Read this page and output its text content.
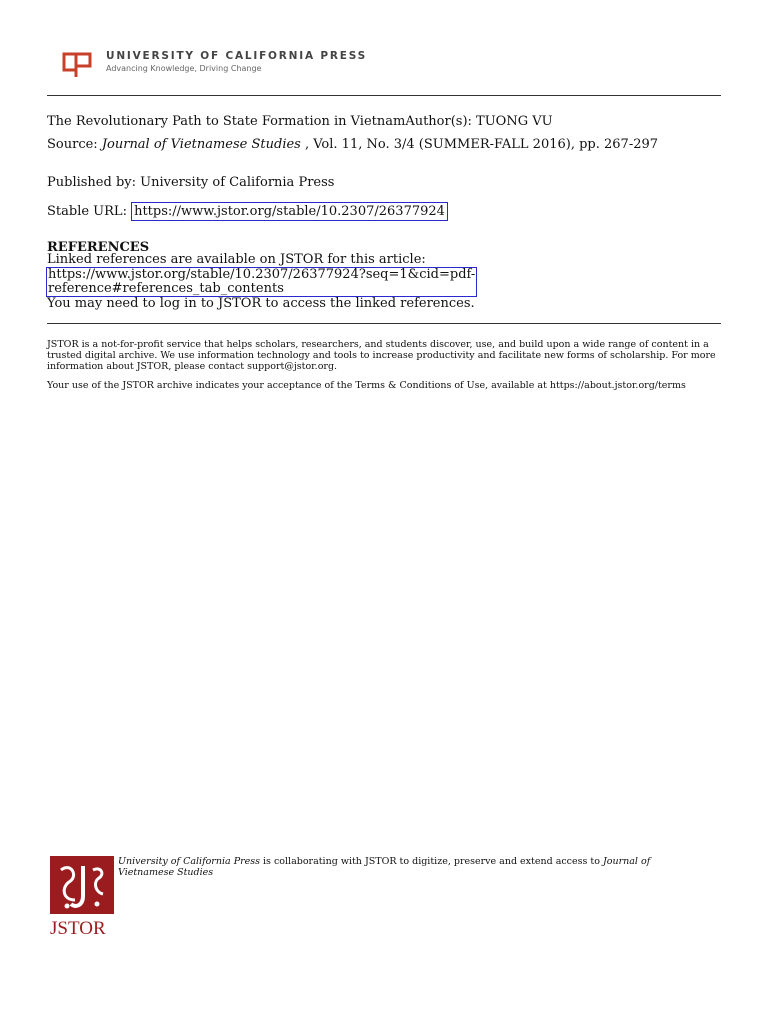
UNIVERSITY OF CALIFORNIA PRESS
Advancing Knowledge, Driving Change
The Revolutionary Path to State Formation in VietnamAuthor(s): TUONG VU
Source: Journal of Vietnamese Studies , Vol. 11, No. 3/4 (SUMMER-FALL 2016), pp. 267-297
Published by: University of California Press
Stable URL: https://www.jstor.org/stable/10.2307/26377924
REFERENCES
Linked references are available on JSTOR for this article:
https://www.jstor.org/stable/10.2307/26377924?seq=1&cid=pdf-
reference#references_tab_contents
You may need to log in to JSTOR to access the linked references.
JSTOR is a not-for-profit service that helps scholars, researchers, and students discover, use, and build upon a wide range of content in a trusted digital archive. We use information technology and tools to increase productivity and facilitate new forms of scholarship. For more information about JSTOR, please contact support@jstor.org.
Your use of the JSTOR archive indicates your acceptance of the Terms & Conditions of Use, available at https://about.jstor.org/terms
JSTOR
University of California Press is collaborating with JSTOR to digitize, preserve and extend access to Journal of Vietnamese Studies
